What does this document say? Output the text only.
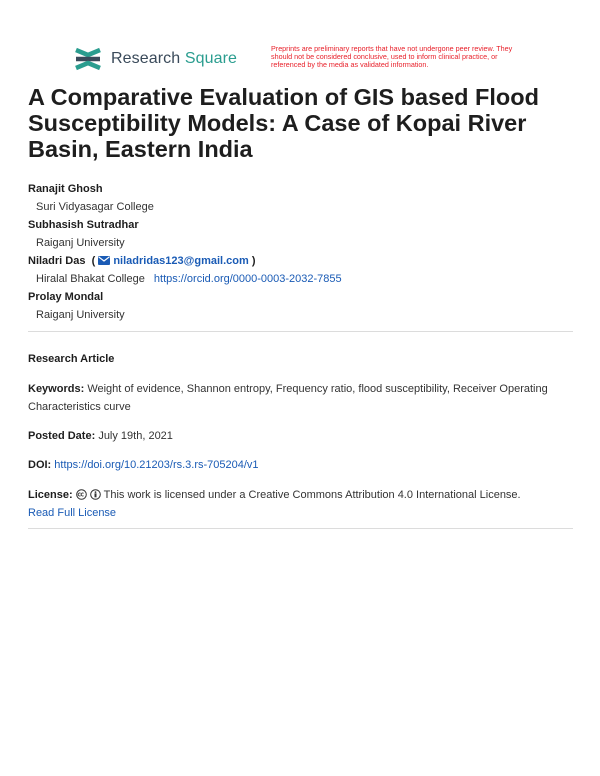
Research Square
Preprints are preliminary reports that have not undergone peer review. They should not be considered conclusive, used to inform clinical practice, or referenced by the media as validated information.
A Comparative Evaluation of GIS based Flood Susceptibility Models: A Case of Kopai River Basin, Eastern India
Ranajit Ghosh
Suri Vidyasagar College
Subhasish Sutradhar
Raiganj University
Niladri Das  ( niladridas123@gmail.com )
Hiralal Bhakat College https://orcid.org/0000-0003-2032-7855
Prolay Mondal
Raiganj University
Research Article
Keywords: Weight of evidence, Shannon entropy, Frequency ratio, flood susceptibility, Receiver Operating Characteristics curve
Posted Date: July 19th, 2021
DOI: https://doi.org/10.21203/rs.3.rs-705204/v1
License:	This work is licensed under a Creative Commons Attribution 4.0 International License.
Read Full License
